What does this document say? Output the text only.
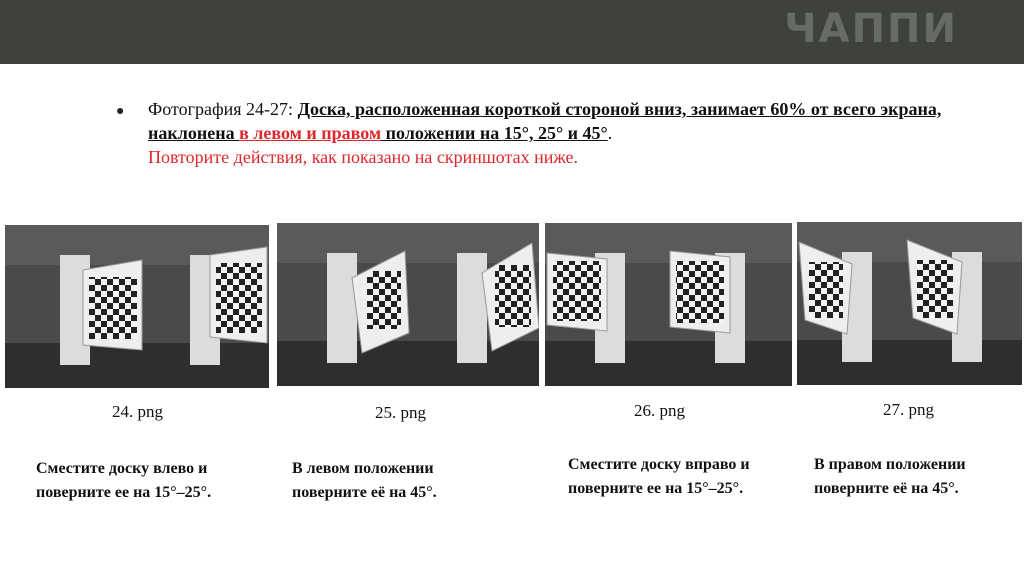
ЧАППИ
● Фотография 24-27: Доска, расположенная короткой стороной вниз, занимает 60% от всего экрана, наклонена в левом и правом положении на 15°, 25° и 45°.
Повторите действия, как показано на скриншотах ниже.
24. png	25. png	26. png	27. png
Сместите доску влево и поверните ее на 15°–25°.
В левом положении поверните её на 45°.
Сместите доску вправо и поверните ее на 15°–25°.
В правом положении поверните её на 45°.
